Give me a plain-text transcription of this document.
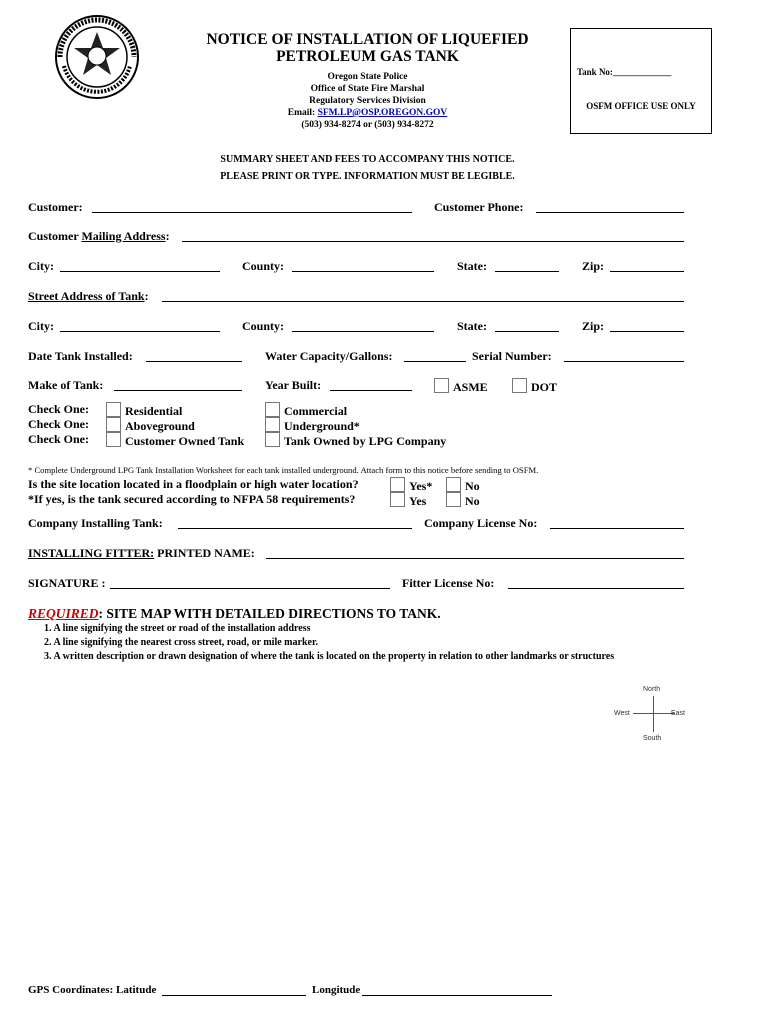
NOTICE OF INSTALLATION OF LIQUEFIED
PETROLEUM GAS TANK
Oregon State Police
Office of State Fire Marshal
Regulatory Services Division
Email: SFM.LP@OSP.OREGON.GOV
(503) 934-8274 or (503) 934-8272
Tank No:_____________
OSFM OFFICE USE ONLY
SUMMARY SHEET AND FEES TO ACCOMPANY THIS NOTICE.
PLEASE PRINT OR TYPE. INFORMATION MUST BE LEGIBLE.
Customer:	Customer Phone:
Customer Mailing Address:
City:	County:	State:	Zip:
Street Address of Tank:
City:	County:	State:	Zip:
Date Tank Installed:	Water Capacity/Gallons:	Serial Number:
Make of Tank:	Year Built:	ASME	DOT
Check One:	Residential	Commercial
Check One:	Aboveground	Underground*
Check One:	Customer Owned Tank	Tank Owned by LPG Company
* Complete Underground LPG Tank Installation Worksheet for each tank installed underground. Attach form to this notice before sending to OSFM.
Is the site location located in a floodplain or high water location?	Yes*	No
*If yes, is the tank secured according to NFPA 58 requirements?	Yes	No
Company Installing Tank:	Company License No:
INSTALLING FITTER: PRINTED NAME:
SIGNATURE :	Fitter License No:
REQUIRED: SITE MAP WITH DETAILED DIRECTIONS TO TANK.
1. A line signifying the street or road of the installation address
2. A line signifying the nearest cross street, road, or mile marker.
3. A written description or drawn designation of where the tank is located on the property in relation to other landmarks or structures
North
South
West	East
GPS Coordinates: Latitude	Longitude
